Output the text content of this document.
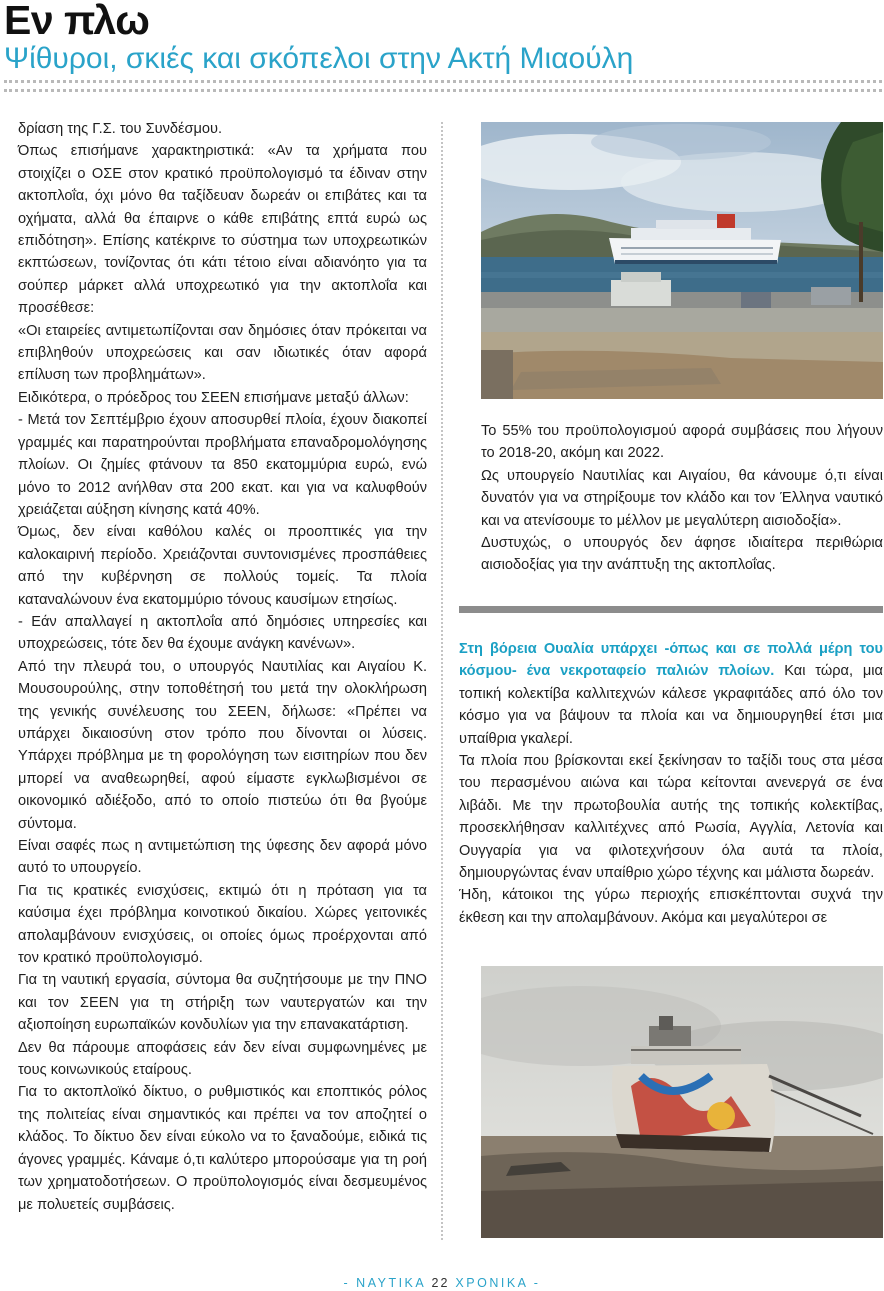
Εν πλω
Ψίθυροι, σκιές και σκόπελοι στην Ακτή Μιαούλη

δρίαση της Γ.Σ. του Συνδέσμου.

Όπως επισήμανε χαρακτηριστικά: «Αν τα χρήματα που στοιχίζει ο ΟΣΕ στον κρατικό προϋπολογισμό τα έδιναν στην ακτοπλοΐα, όχι μόνο θα ταξίδευαν δωρεάν οι επιβάτες και τα οχήματα, αλλά θα έπαιρνε ο κάθε επιβάτης επτά ευρώ ως επιδότηση». Επίσης κατέκρινε το σύστημα των υποχρεωτικών εκπτώσεων, τονίζοντας ότι κάτι τέτοιο είναι αδιανόητο για τα σούπερ μάρκετ αλλά υποχρεωτικό για την ακτοπλοΐα και προσέθεσε:

«Οι εταιρείες αντιμετωπίζονται σαν δημόσιες όταν πρόκειται να επιβληθούν υποχρεώσεις και σαν ιδιωτικές όταν αφορά επίλυση των προβλημάτων».

Ειδικότερα, ο πρόεδρος του ΣΕΕΝ επισήμανε μεταξύ άλλων:

- Μετά τον Σεπτέμβριο έχουν αποσυρθεί πλοία, έχουν διακοπεί γραμμές και παρατηρούνται προβλήματα επαναδρομολόγησης πλοίων. Οι ζημίες φτάνουν τα 850 εκατομμύρια ευρώ, ενώ μόνο το 2012 ανήλθαν στα 200 εκατ. και για να καλυφθούν χρειάζεται αύξηση κίνησης κατά 40%.

Όμως, δεν είναι καθόλου καλές οι προοπτικές για την καλοκαιρινή περίοδο. Χρειάζονται συντονισμένες προσπάθειες από την κυβέρνηση σε πολλούς τομείς. Τα πλοία καταναλώνουν ένα εκατομμύριο τόνους καυσίμων ετησίως.

- Εάν απαλλαγεί η ακτοπλοΐα από δημόσιες υπηρεσίες και υποχρεώσεις, τότε δεν θα έχουμε ανάγκη κανένων».

Από την πλευρά του, ο υπουργός Ναυτιλίας και Αιγαίου Κ. Μουσουρούλης, στην τοποθέτησή του μετά την ολοκλήρωση της γενικής συνέλευσης του ΣΕΕΝ, δήλωσε: «Πρέπει να υπάρχει δικαιοσύνη στον τρόπο που δίνονται οι λύσεις. Υπάρχει πρόβλημα με τη φορολόγηση των εισιτηρίων που δεν μπορεί να αναθεωρηθεί, αφού είμαστε εγκλωβισμένοι σε οικονομικό αδιέξοδο, από το οποίο πιστεύω ότι θα βγούμε σύντομα.

Είναι σαφές πως η αντιμετώπιση της ύφεσης δεν αφορά μόνο αυτό το υπουργείο.

Για τις κρατικές ενισχύσεις, εκτιμώ ότι η πρόταση για τα καύσιμα έχει πρόβλημα κοινοτικού δικαίου. Χώρες γειτονικές απολαμβάνουν ενισχύσεις, οι οποίες όμως προέρχονται από τον κρατικό προϋπολογισμό.

Για τη ναυτική εργασία, σύντομα θα συζητήσουμε με την ΠΝΟ και τον ΣΕΕΝ για τη στήριξη των ναυτεργατών και την αξιοποίηση ευρωπαϊκών κονδυλίων για την επανακατάρτιση.

Δεν θα πάρουμε αποφάσεις εάν δεν είναι συμφωνημένες με τους κοινωνικούς εταίρους.

Για το ακτοπλοϊκό δίκτυο, ο ρυθμιστικός και εποπτικός ρόλος της πολιτείας είναι σημαντικός και πρέπει να τον αποζητεί ο κλάδος. Το δίκτυο δεν είναι εύκολο να το ξαναδούμε, ειδικά τις άγονες γραμμές. Κάναμε ό,τι καλύτερο μπορούσαμε για τη ροή των χρηματοδοτήσεων. Ο προϋπολογισμός είναι δεσμευμένος με πολυετείς συμβάσεις.

Το 55% του προϋπολογισμού αφορά συμβάσεις που λήγουν το 2018-20, ακόμη και 2022.

Ως υπουργείο Ναυτιλίας και Αιγαίου, θα κάνουμε ό,τι είναι δυνατόν για να στηρίξουμε τον κλάδο και τον Έλληνα ναυτικό και να ατενίσουμε το μέλλον με μεγαλύτερη αισιοδοξία».

Δυστυχώς, ο υπουργός δεν άφησε ιδιαίτερα περιθώρια αισιοδοξίας για την ανάπτυξη της ακτοπλοΐας.

Στη βόρεια Ουαλία υπάρχει -όπως και σε πολλά μέρη του κόσμου- ένα νεκροταφείο παλιών πλοίων. Και τώρα, μια τοπική κολεκτίβα καλλιτεχνών κάλεσε γκραφιτάδες από όλο τον κόσμο για να βάψουν τα πλοία και να δημιουργηθεί έτσι μια υπαίθρια γκαλερί.

Τα πλοία που βρίσκονται εκεί ξεκίνησαν το ταξίδι τους στα μέσα του περασμένου αιώνα και τώρα κείτονται ανενεργά σε ένα λιβάδι. Με την πρωτοβουλία αυτής της τοπικής κολεκτίβας, προσεκλήθησαν καλλιτέχνες από Ρωσία, Αγγλία, Λετονία και Ουγγαρία για να φιλοτεχνήσουν όλα αυτά τα πλοία, δημιουργώντας έναν υπαίθριο χώρο τέχνης και μάλιστα δωρεάν.

Ήδη, κάτοικοι της γύρω περιοχής επισκέπτονται συχνά την έκθεση και την απολαμβάνουν. Ακόμα και μεγαλύτεροι σε

- ΝΑΥΤΙΚΑ 22 ΧΡΟΝΙΚΑ -
